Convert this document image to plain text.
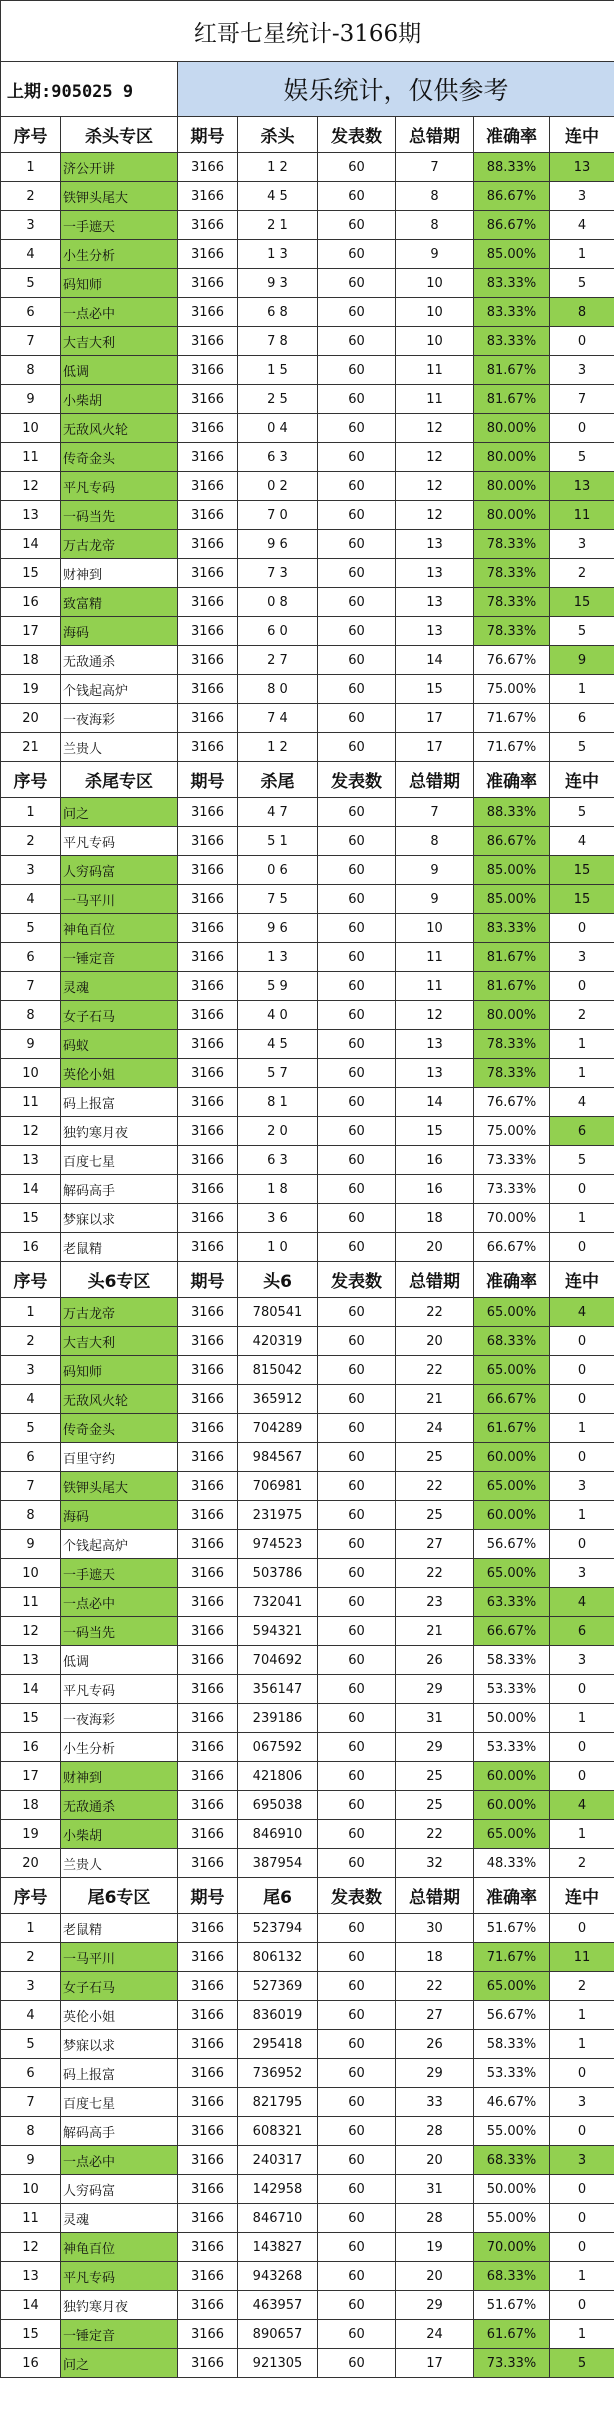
红哥七星统计-3166期							
上期:905025 9		娱乐统计，仅供参考					
序号	杀头专区	期号	杀头	发表数	总错期	准确率	连中
1	济公开讲	3166	1 2	60	7	88.33%	13
2	铁钾头尾大	3166	4 5	60	8	86.67%	3
3	一手遮天	3166	2 1	60	8	86.67%	4
4	小生分析	3166	1 3	60	9	85.00%	1
5	码知师	3166	9 3	60	10	83.33%	5
6	一点必中	3166	6 8	60	10	83.33%	8
7	大吉大利	3166	7 8	60	10	83.33%	0
8	低调	3166	1 5	60	11	81.67%	3
9	小柴胡	3166	2 5	60	11	81.67%	7
10	无敌风火轮	3166	0 4	60	12	80.00%	0
11	传奇金头	3166	6 3	60	12	80.00%	5
12	平凡专码	3166	0 2	60	12	80.00%	13
13	一码当先	3166	7 0	60	12	80.00%	11
14	万古龙帝	3166	9 6	60	13	78.33%	3
15	财神到	3166	7 3	60	13	78.33%	2
16	致富精	3166	0 8	60	13	78.33%	15
17	海码	3166	6 0	60	13	78.33%	5
18	无敌通杀	3166	2 7	60	14	76.67%	9
19	个钱起高炉	3166	8 0	60	15	75.00%	1
20	一夜海彩	3166	7 4	60	17	71.67%	6
21	兰贵人	3166	1 2	60	17	71.67%	5
序号	杀尾专区	期号	杀尾	发表数	总错期	准确率	连中
1	问之	3166	4 7	60	7	88.33%	5
2	平凡专码	3166	5 1	60	8	86.67%	4
3	人穷码富	3166	0 6	60	9	85.00%	15
4	一马平川	3166	7 5	60	9	85.00%	15
5	神龟百位	3166	9 6	60	10	83.33%	0
6	一锤定音	3166	1 3	60	11	81.67%	3
7	灵魂	3166	5 9	60	11	81.67%	0
8	女子石马	3166	4 0	60	12	80.00%	2
9	码蚁	3166	4 5	60	13	78.33%	1
10	英伦小姐	3166	5 7	60	13	78.33%	1
11	码上报富	3166	8 1	60	14	76.67%	4
12	独钓寒月夜	3166	2 0	60	15	75.00%	6
13	百度七星	3166	6 3	60	16	73.33%	5
14	解码高手	3166	1 8	60	16	73.33%	0
15	梦寐以求	3166	3 6	60	18	70.00%	1
16	老鼠精	3166	1 0	60	20	66.67%	0
序号	头6专区	期号	头6	发表数	总错期	准确率	连中
1	万古龙帝	3166	780541	60	22	65.00%	4
2	大吉大利	3166	420319	60	20	68.33%	0
3	码知师	3166	815042	60	22	65.00%	0
4	无敌风火轮	3166	365912	60	21	66.67%	0
5	传奇金头	3166	704289	60	24	61.67%	1
6	百里守约	3166	984567	60	25	60.00%	0
7	铁钾头尾大	3166	706981	60	22	65.00%	3
8	海码	3166	231975	60	25	60.00%	1
9	个钱起高炉	3166	974523	60	27	56.67%	0
10	一手遮天	3166	503786	60	22	65.00%	3
11	一点必中	3166	732041	60	23	63.33%	4
12	一码当先	3166	594321	60	21	66.67%	6
13	低调	3166	704692	60	26	58.33%	3
14	平凡专码	3166	356147	60	29	53.33%	0
15	一夜海彩	3166	239186	60	31	50.00%	1
16	小生分析	3166	067592	60	29	53.33%	0
17	财神到	3166	421806	60	25	60.00%	0
18	无敌通杀	3166	695038	60	25	60.00%	4
19	小柴胡	3166	846910	60	22	65.00%	1
20	兰贵人	3166	387954	60	32	48.33%	2
序号	尾6专区	期号	尾6	发表数	总错期	准确率	连中
1	老鼠精	3166	523794	60	30	51.67%	0
2	一马平川	3166	806132	60	18	71.67%	11
3	女子石马	3166	527369	60	22	65.00%	2
4	英伦小姐	3166	836019	60	27	56.67%	1
5	梦寐以求	3166	295418	60	26	58.33%	1
6	码上报富	3166	736952	60	29	53.33%	0
7	百度七星	3166	821795	60	33	46.67%	3
8	解码高手	3166	608321	60	28	55.00%	0
9	一点必中	3166	240317	60	20	68.33%	3
10	人穷码富	3166	142958	60	31	50.00%	0
11	灵魂	3166	846710	60	28	55.00%	0
12	神龟百位	3166	143827	60	19	70.00%	0
13	平凡专码	3166	943268	60	20	68.33%	1
14	独钓寒月夜	3166	463957	60	29	51.67%	0
15	一锤定音	3166	890657	60	24	61.67%	1
16	问之	3166	921305	60	17	73.33%	5
